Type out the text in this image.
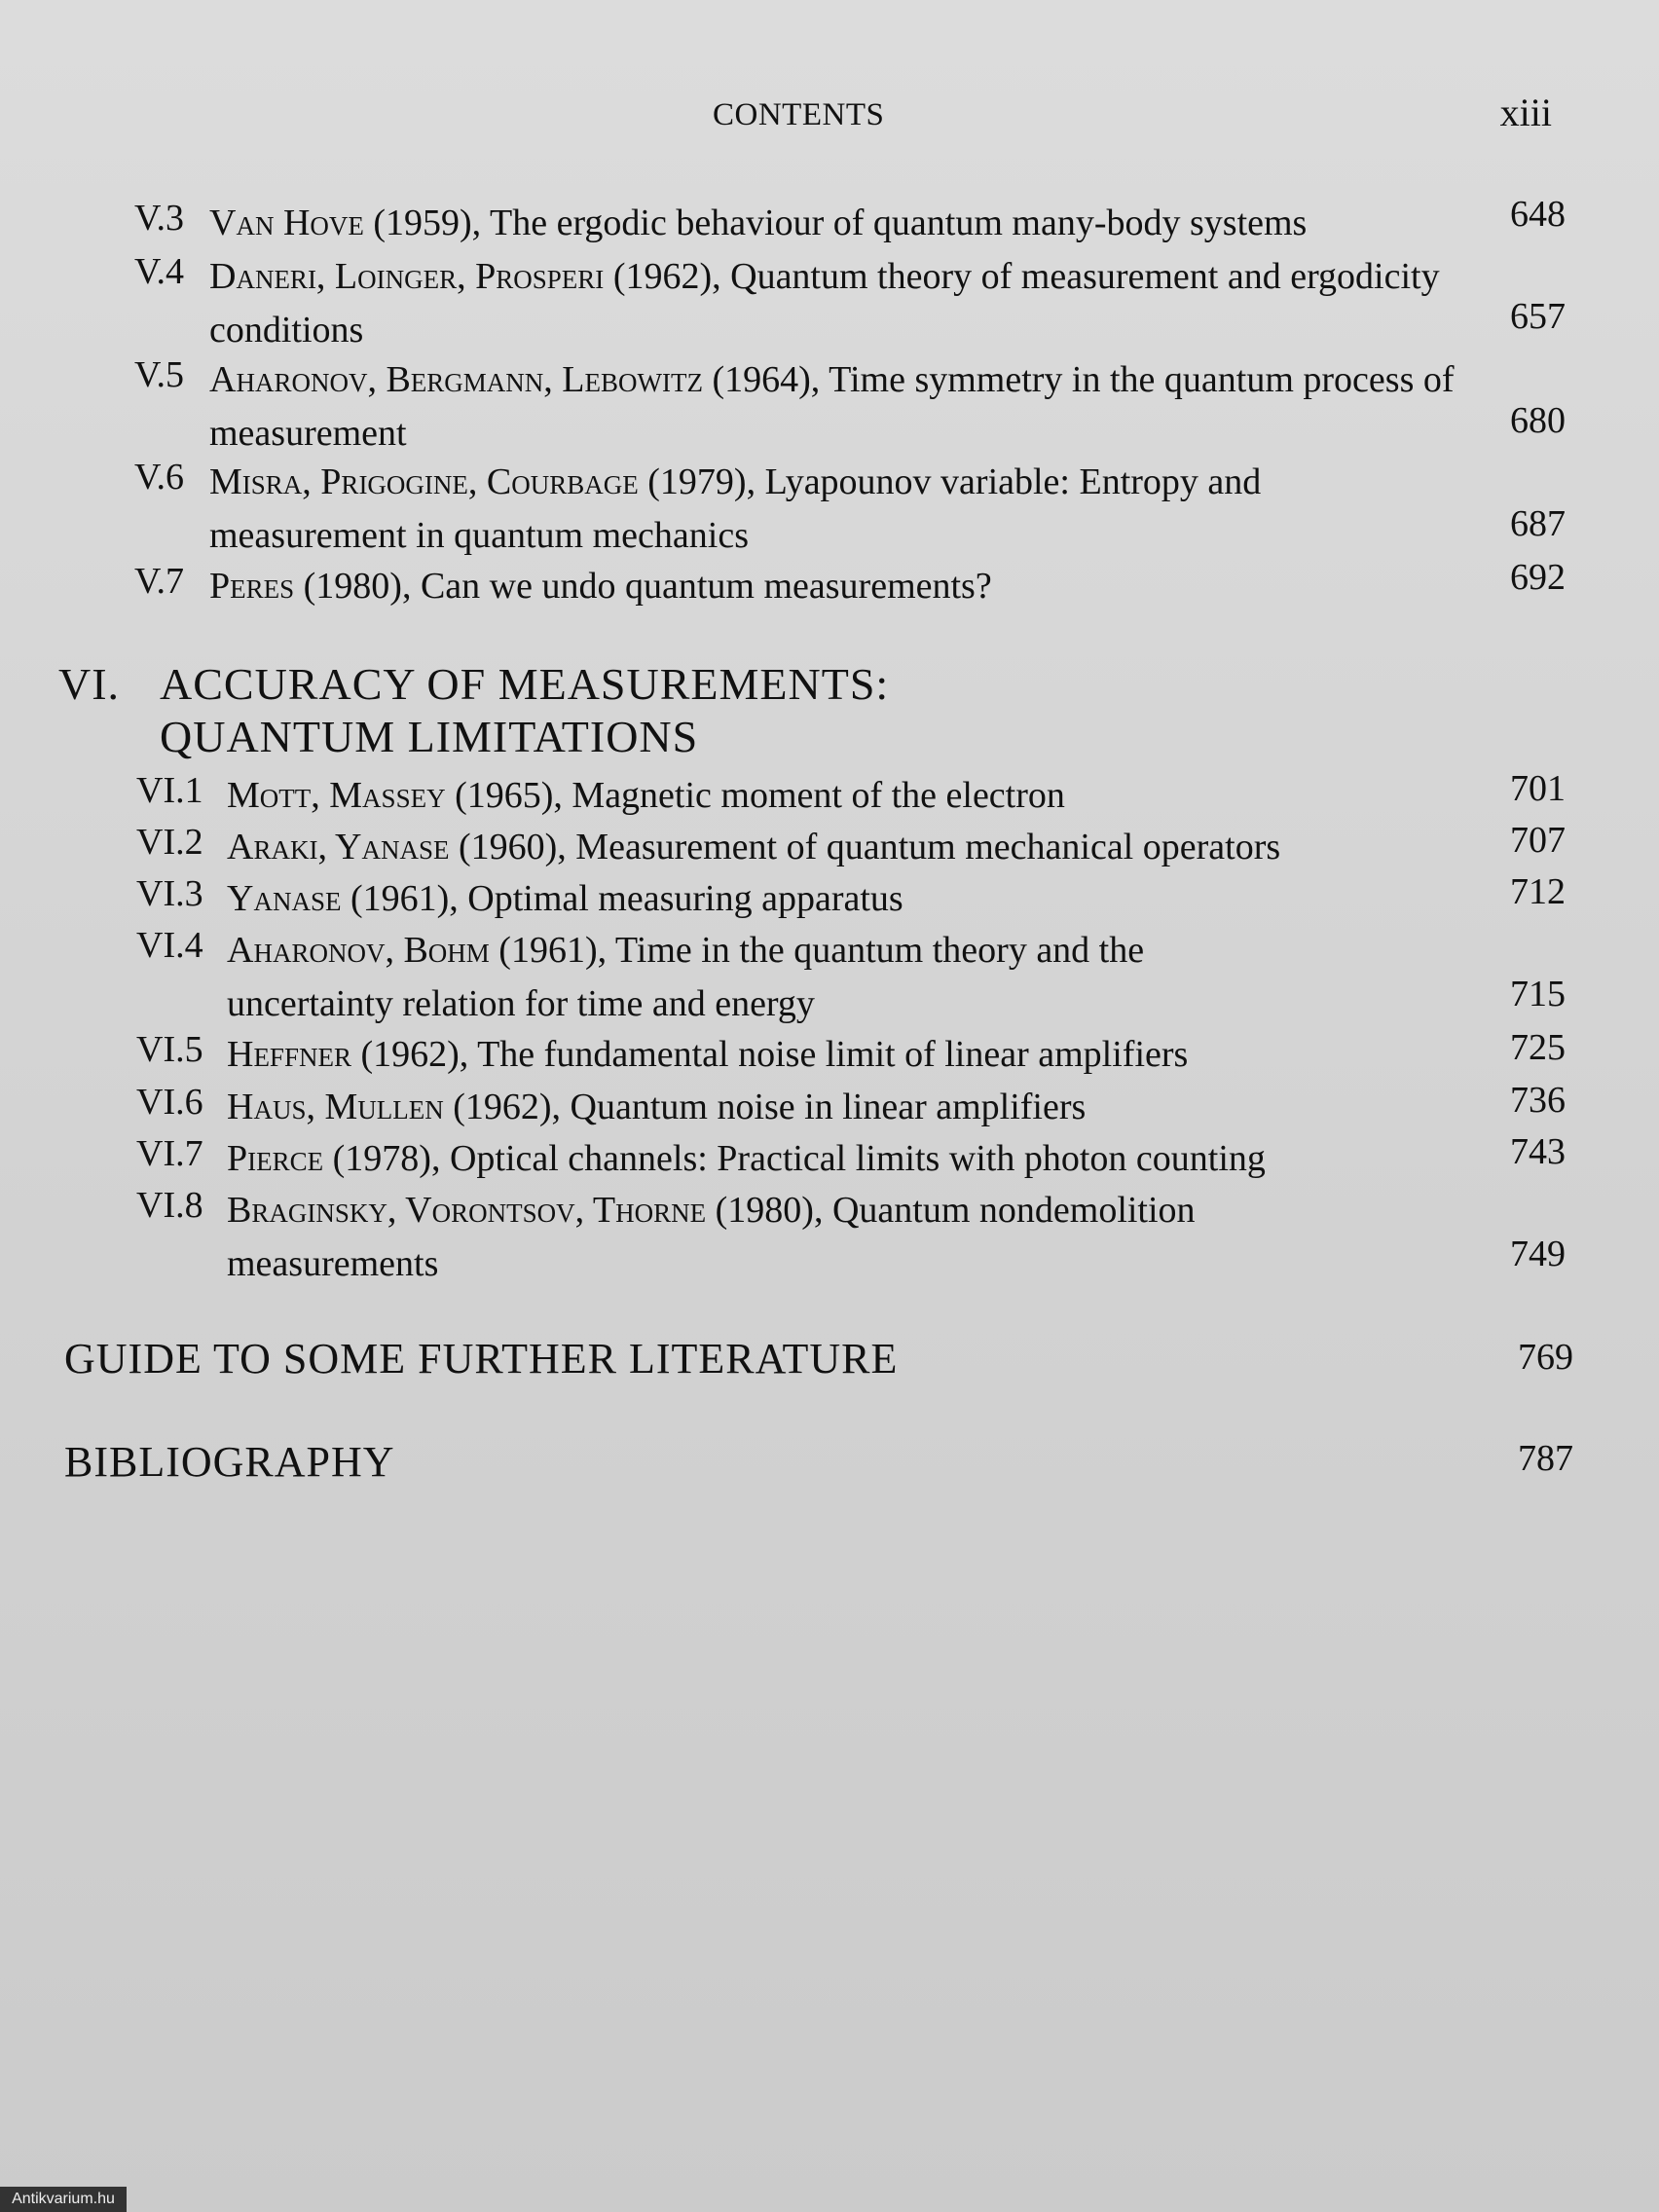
CONTENTS	xiii
V.3 Van Hove (1959), The ergodic behaviour of quantum many-body systems	648
V.4 Daneri, Loinger, Prosperi (1962), Quantum theory of measurement and ergodicity conditions	657
V.5 Aharonov, Bergmann, Lebowitz (1964), Time symmetry in the quantum process of measurement	680
V.6 Misra, Prigogine, Courbage (1979), Lyapounov variable: Entropy and measurement in quantum mechanics	687
V.7 Peres (1980), Can we undo quantum measurements?	692
VI. ACCURACY OF MEASUREMENTS: QUANTUM LIMITATIONS
VI.1 Mott, Massey (1965), Magnetic moment of the electron	701
VI.2 Araki, Yanase (1960), Measurement of quantum mechanical operators	707
VI.3 Yanase (1961), Optimal measuring apparatus	712
VI.4 Aharonov, Bohm (1961), Time in the quantum theory and the uncertainty relation for time and energy	715
VI.5 Heffner (1962), The fundamental noise limit of linear amplifiers	725
VI.6 Haus, Mullen (1962), Quantum noise in linear amplifiers	736
VI.7 Pierce (1978), Optical channels: Practical limits with photon counting	743
VI.8 Braginsky, Vorontsov, Thorne (1980), Quantum nondemolition measurements	749
GUIDE TO SOME FURTHER LITERATURE	769
BIBLIOGRAPHY	787
Antikvarium.hu
